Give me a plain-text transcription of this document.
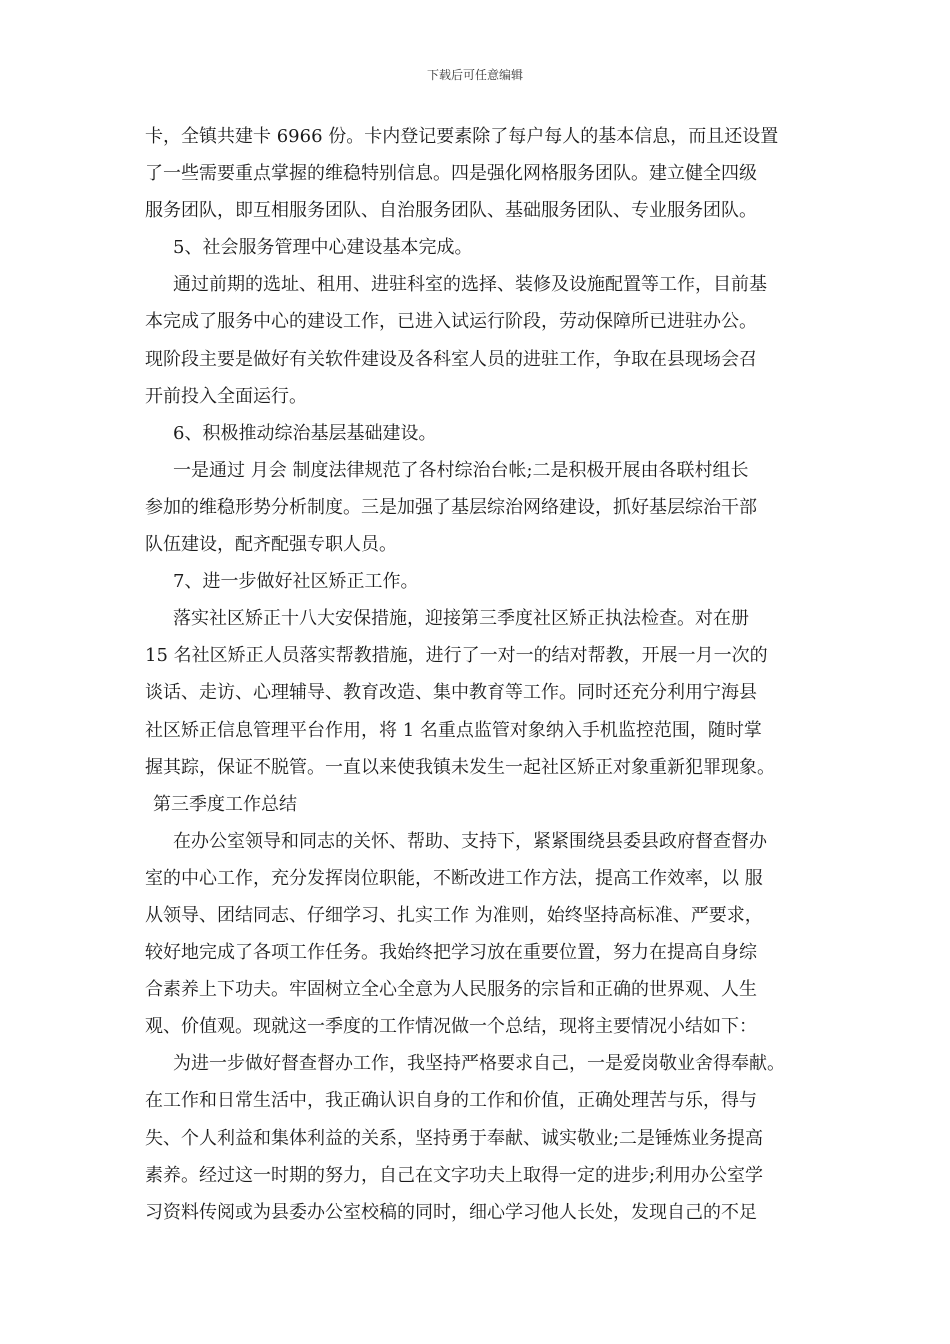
下载后可任意编辑
卡，全镇共建卡 6966 份。卡内登记要素除了每户每人的基本信息，而且还设置
了一些需要重点掌握的维稳特别信息。四是强化网格服务团队。建立健全四级
服务团队，即互相服务团队、自治服务团队、基础服务团队、专业服务团队。
5、社会服务管理中心建设基本完成。
通过前期的选址、租用、进驻科室的选择、装修及设施配置等工作，目前基
本完成了服务中心的建设工作，已进入试运行阶段，劳动保障所已进驻办公。
现阶段主要是做好有关软件建设及各科室人员的进驻工作，争取在县现场会召
开前投入全面运行。
6、积极推动综治基层基础建设。
一是通过 月会 制度法律规范了各村综治台帐;二是积极开展由各联村组长
参加的维稳形势分析制度。三是加强了基层综治网络建设，抓好基层综治干部
队伍建设，配齐配强专职人员。
7、进一步做好社区矫正工作。
落实社区矫正十八大安保措施，迎接第三季度社区矫正执法检查。对在册
15 名社区矫正人员落实帮教措施，进行了一对一的结对帮教，开展一月一次的
谈话、走访、心理辅导、教育改造、集中教育等工作。同时还充分利用宁海县
社区矫正信息管理平台作用，将 1 名重点监管对象纳入手机监控范围，随时掌
握其踪，保证不脱管。一直以来使我镇未发生一起社区矫正对象重新犯罪现象。
第三季度工作总结
在办公室领导和同志的关怀、帮助、支持下，紧紧围绕县委县政府督查督办
室的中心工作，充分发挥岗位职能，不断改进工作方法，提高工作效率，以 服
从领导、团结同志、仔细学习、扎实工作 为准则，始终坚持高标准、严要求，
较好地完成了各项工作任务。我始终把学习放在重要位置，努力在提高自身综
合素养上下功夫。牢固树立全心全意为人民服务的宗旨和正确的世界观、人生
观、价值观。现就这一季度的工作情况做一个总结，现将主要情况小结如下：
为进一步做好督查督办工作，我坚持严格要求自己，一是爱岗敬业舍得奉献。
在工作和日常生活中，我正确认识自身的工作和价值，正确处理苦与乐，得与
失、个人利益和集体利益的关系，坚持勇于奉献、诚实敬业;二是锤炼业务提高
素养。经过这一时期的努力，自己在文字功夫上取得一定的进步;利用办公室学
习资料传阅或为县委办公室校稿的同时，细心学习他人长处，发现自己的不足
